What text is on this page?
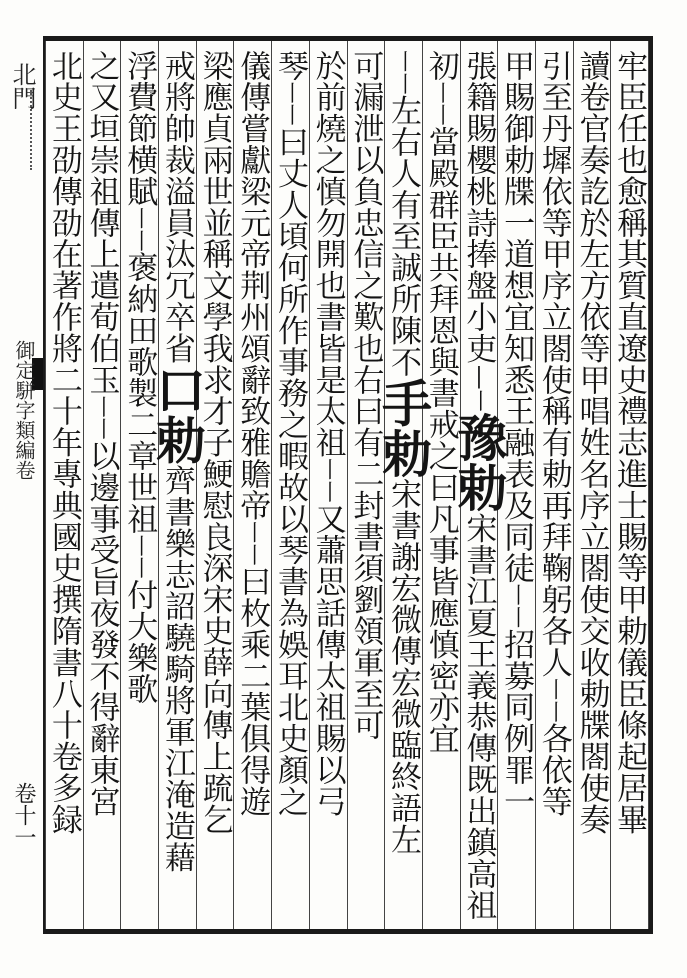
北門
御定駢字類編卷
卷十一	牢臣任也愈稱其質直遼史禮志進士賜等甲勅儀臣條起居畢
讀卷官奏訖於左方依等甲唱姓名序立閤使交收勅牒閤使奏
引至丹墀依等甲序立閤使稱有勅再拜鞠躬各人丨丨各依等
甲賜御勅牒一道想宜知悉王融表及同徒丨丨招募同例罪一
張籍賜櫻桃詩捧盤小吏|丨豫勅宋書江夏王義恭傳既出鎮高祖
初丨丨當殿群臣共拜恩與書戒之曰凡事皆應慎密亦宜
丨丨左右人有至誠所陳不手勅宋書謝宏微傳宏微臨終語左
可漏泄以負忠信之歎也右曰有二封書須劉領軍至可
於前燒之慎勿開也書皆是太祖丨丨又蕭思話傳太祖賜以弓
琴丨丨曰丈人頃何所作事務之暇故以琴書為娛耳北史顏之
儀傳嘗獻梁元帝荆州頌辭致雅贍帝丨丨曰枚乘二葉俱得遊
梁應貞兩世並稱文學我求才子鯁慰良深宋史薛向傳上䟽乞
戒將帥裁溢員汰冗卒省口勅齊書樂志詔驍騎將軍江淹造藉
浮費節横賦丨丨褒納田歌製二章世祖丨丨付大樂歌
之又垣崇祖傳上遣荀伯玉丨丨以邊事受旨夜發不得辭東宮
北史王劭傳劭在著作將二十年專典國史撰隋書八十卷多録
